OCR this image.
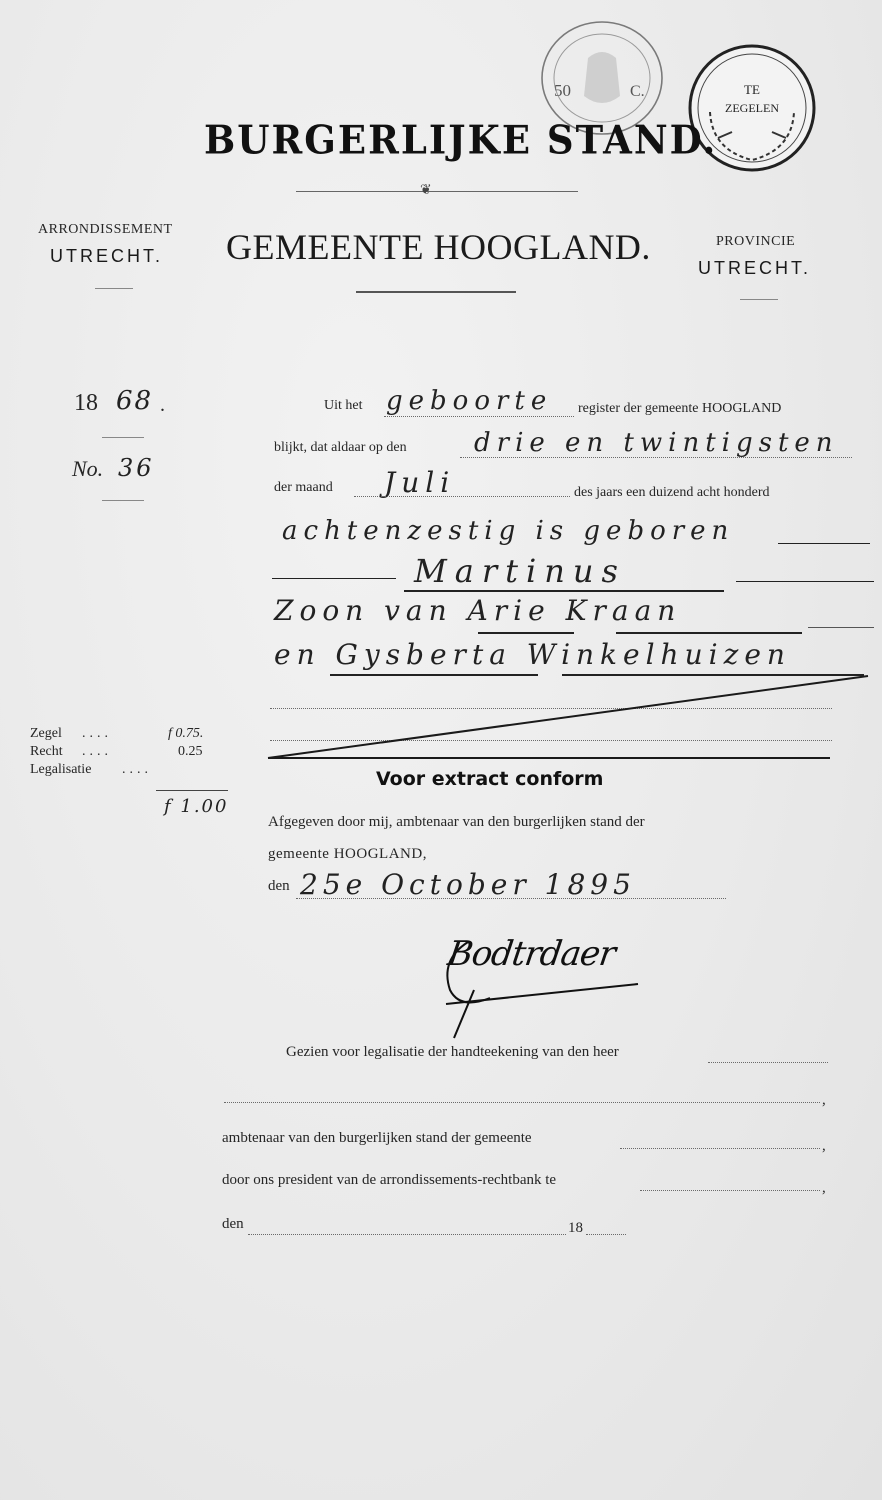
50	C.	TE
ZEGELEN
BURGERLIJKE STAND.
❦
ARRONDISSEMENT
UTRECHT. GEMEENTE HOOGLAND.	PROVINCIE
UTRECHT.
18 68 .
No. 36
Uit het geboorte register der gemeente HOOGLAND
blijkt, dat aldaar op den	drie en twintigsten
der maand Juli	des jaars een duizend acht honderd
achtenzestig is geboren
Martinus
Zoon van Arie Kraan
en Gysberta Winkelhuizen
Zegel ....	f 0.75.
Recht ....	0.25
Legalisatie ....
f 1.00
Voor extract conform
Afgegeven door mij, ambtenaar van den burgerlijken stand der
gemeente HOOGLAND,
den 25e October 1895
Bodtrdaer
Gezien voor legalisatie der handteekening van den heer
,
ambtenaar van den burgerlijken stand der gemeente	,
door ons president van de arrondissements-rechtbank te	,
den	18
